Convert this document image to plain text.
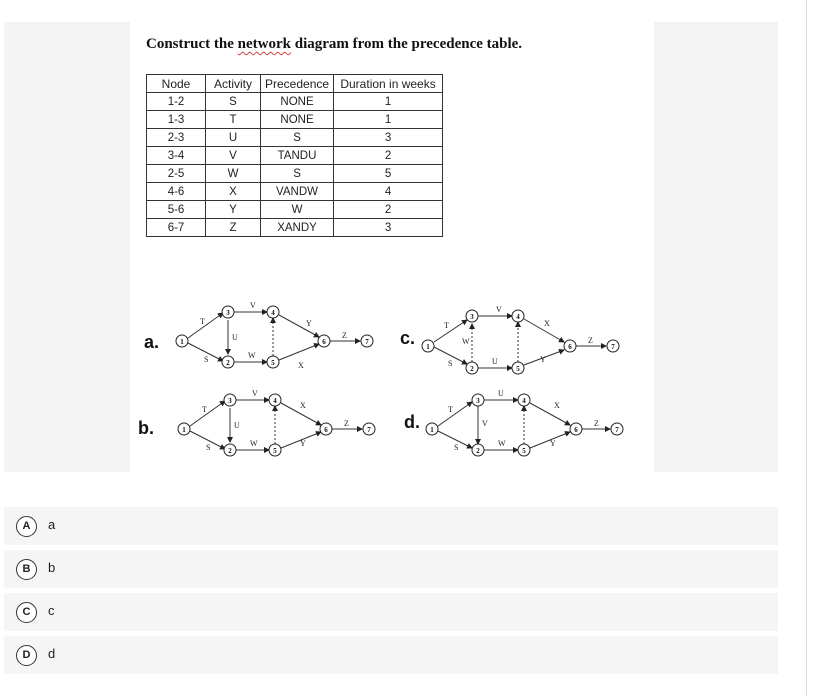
Construct the network diagram from the precedence table.
Node	Activity	Precedence	Duration in weeks
1-2	S	NONE	1
1-3	T	NONE	1
2-3	U	S	3
3-4	V	TANDU	2
2-5	W	S	5
4-6	X	VANDW	4
5-6	Y	W	2
6-7	Z	XANDY	3
a.
b.
c.
d.
1
3
2
4
5
6	7
T
S
U
V
W
Y
X
Z
1
3
2
4
5
6	7
T
S
U
V
W
X
Y
Z
1
3
2
4
5
6	7
T
S
W
U
V
X
Y
Z
1
3
2
4
5
6	7
T
S
U
V
W
X
Y
Z
A	a
B	b
C	c
D	d
